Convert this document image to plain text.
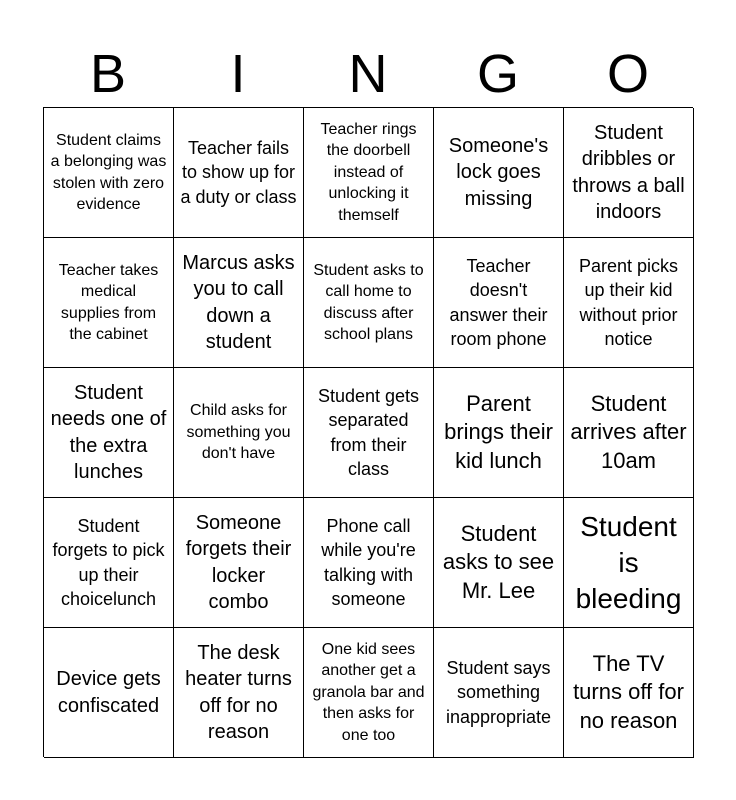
B	I	N	G	O
Student claims a belonging was stolen with zero evidence
Teacher fails to show up for a duty or class
Teacher rings the doorbell instead of unlocking it themself
Someone's lock goes missing
Student dribbles or throws a ball indoors
Teacher takes medical supplies from the cabinet
Marcus asks you to call down a student
Student asks to call home to discuss after school plans
Teacher doesn't answer their room phone
Parent picks up their kid without prior notice
Student needs one of the extra lunches
Child asks for something you don't have
Student gets separated from their class
Parent brings their kid lunch
Student arrives after 10am
Student forgets to pick up their choicelunch
Someone forgets their locker combo
Phone call while you're talking with someone
Student asks to see Mr. Lee
Student is bleeding
Device gets confiscated
The desk heater turns off for no reason
One kid sees another get a granola bar and then asks for one too
Student says something inappropriate
The TV turns off for no reason
